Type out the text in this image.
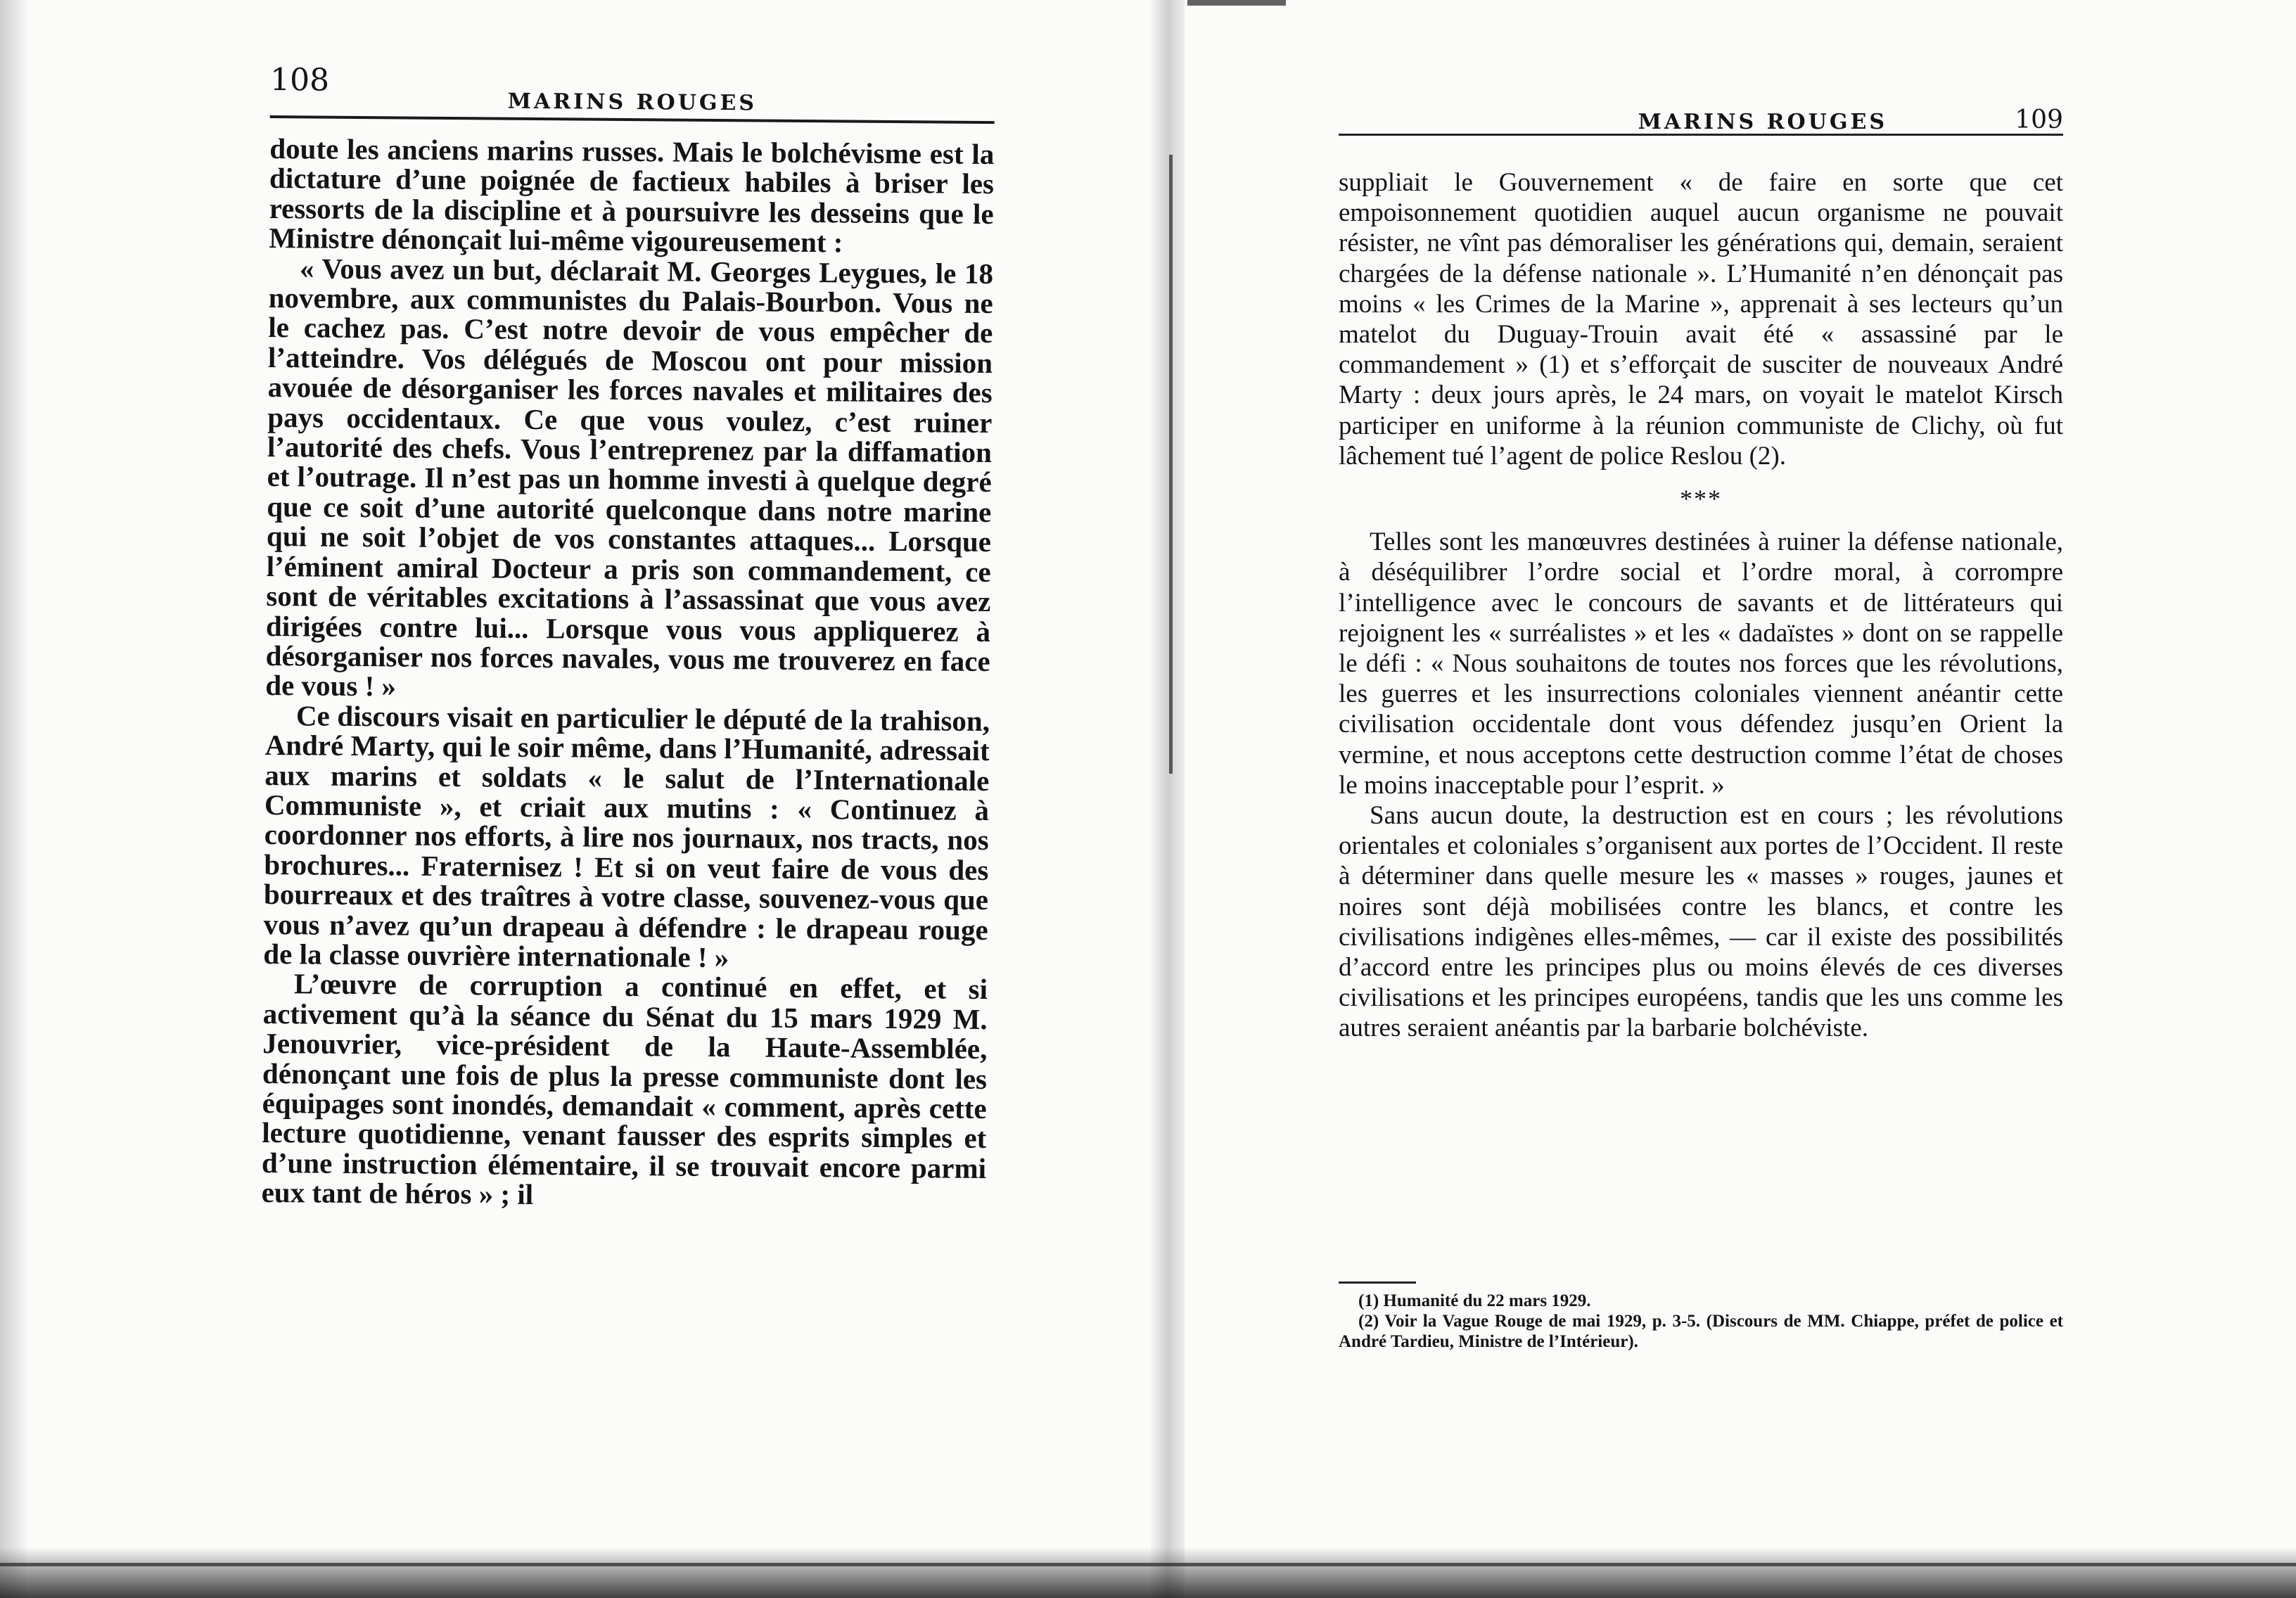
108
MARINS ROUGES

doute les anciens marins russes. Mais le bolchévisme est la dictature d’une poignée de factieux habiles à briser les ressorts de la discipline et à poursuivre les desseins que le Ministre dénonçait lui-même vigoureusement :

« Vous avez un but, déclarait M. Georges Leygues, le 18 novembre, aux communistes du Palais-Bourbon. Vous ne le cachez pas. C’est notre devoir de vous empêcher de l’atteindre. Vos délégués de Moscou ont pour mission avouée de désorganiser les forces navales et militaires des pays occidentaux. Ce que vous voulez, c’est ruiner l’autorité des chefs. Vous l’entreprenez par la diffamation et l’outrage. Il n’est pas un homme investi à quelque degré que ce soit d’une autorité quelconque dans notre marine qui ne soit l’objet de vos constantes attaques... Lorsque l’éminent amiral Docteur a pris son commandement, ce sont de véritables excitations à l’assassinat que vous avez dirigées contre lui... Lorsque vous vous appliquerez à désorganiser nos forces navales, vous me trouverez en face de vous ! »

Ce discours visait en particulier le député de la trahison, André Marty, qui le soir même, dans l’Humanité, adressait aux marins et soldats « le salut de l’Internationale Communiste », et criait aux mutins : « Continuez à coordonner nos efforts, à lire nos journaux, nos tracts, nos brochures... Fraternisez ! Et si on veut faire de vous des bourreaux et des traîtres à votre classe, souvenez-vous que vous n’avez qu’un drapeau à défendre : le drapeau rouge de la classe ouvrière internationale ! »

L’œuvre de corruption a continué en effet, et si activement qu’à la séance du Sénat du 15 mars 1929 M. Jenouvrier, vice-président de la Haute-Assemblée, dénonçant une fois de plus la presse communiste dont les équipages sont inondés, demandait « comment, après cette lecture quotidienne, venant fausser des esprits simples et d’une instruction élémentaire, il se trouvait encore parmi eux tant de héros » ; il

MARINS ROUGES	109

suppliait le Gouvernement « de faire en sorte que cet empoisonnement quotidien auquel aucun organisme ne pouvait résister, ne vînt pas démoraliser les générations qui, demain, seraient chargées de la défense nationale ». L’Humanité n’en dénonçait pas moins « les Crimes de la Marine », apprenait à ses lecteurs qu’un matelot du Duguay-Trouin avait été « assassiné par le commandement » (1) et s’efforçait de susciter de nouveaux André Marty : deux jours après, le 24 mars, on voyait le matelot Kirsch participer en uniforme à la réunion communiste de Clichy, où fut lâchement tué l’agent de police Reslou (2).

***

Telles sont les manœuvres destinées à ruiner la défense nationale, à déséquilibrer l’ordre social et l’ordre moral, à corrompre l’intelligence avec le concours de savants et de littérateurs qui rejoignent les « surréalistes » et les « dadaïstes » dont on se rappelle le défi : « Nous souhaitons de toutes nos forces que les révolutions, les guerres et les insurrections coloniales viennent anéantir cette civilisation occidentale dont vous défendez jusqu’en Orient la vermine, et nous acceptons cette destruction comme l’état de choses le moins inacceptable pour l’esprit. »

Sans aucun doute, la destruction est en cours ; les révolutions orientales et coloniales s’organisent aux portes de l’Occident. Il reste à déterminer dans quelle mesure les « masses » rouges, jaunes et noires sont déjà mobilisées contre les blancs, et contre les civilisations indigènes elles-mêmes, — car il existe des possibilités d’accord entre les principes plus ou moins élevés de ces diverses civilisations et les principes européens, tandis que les uns comme les autres seraient anéantis par la barbarie bolchéviste.

(1) Humanité du 22 mars 1929.
(2) Voir la Vague Rouge de mai 1929, p. 3-5. (Discours de MM. Chiappe, préfet de police et André Tardieu, Ministre de l’Intérieur).
